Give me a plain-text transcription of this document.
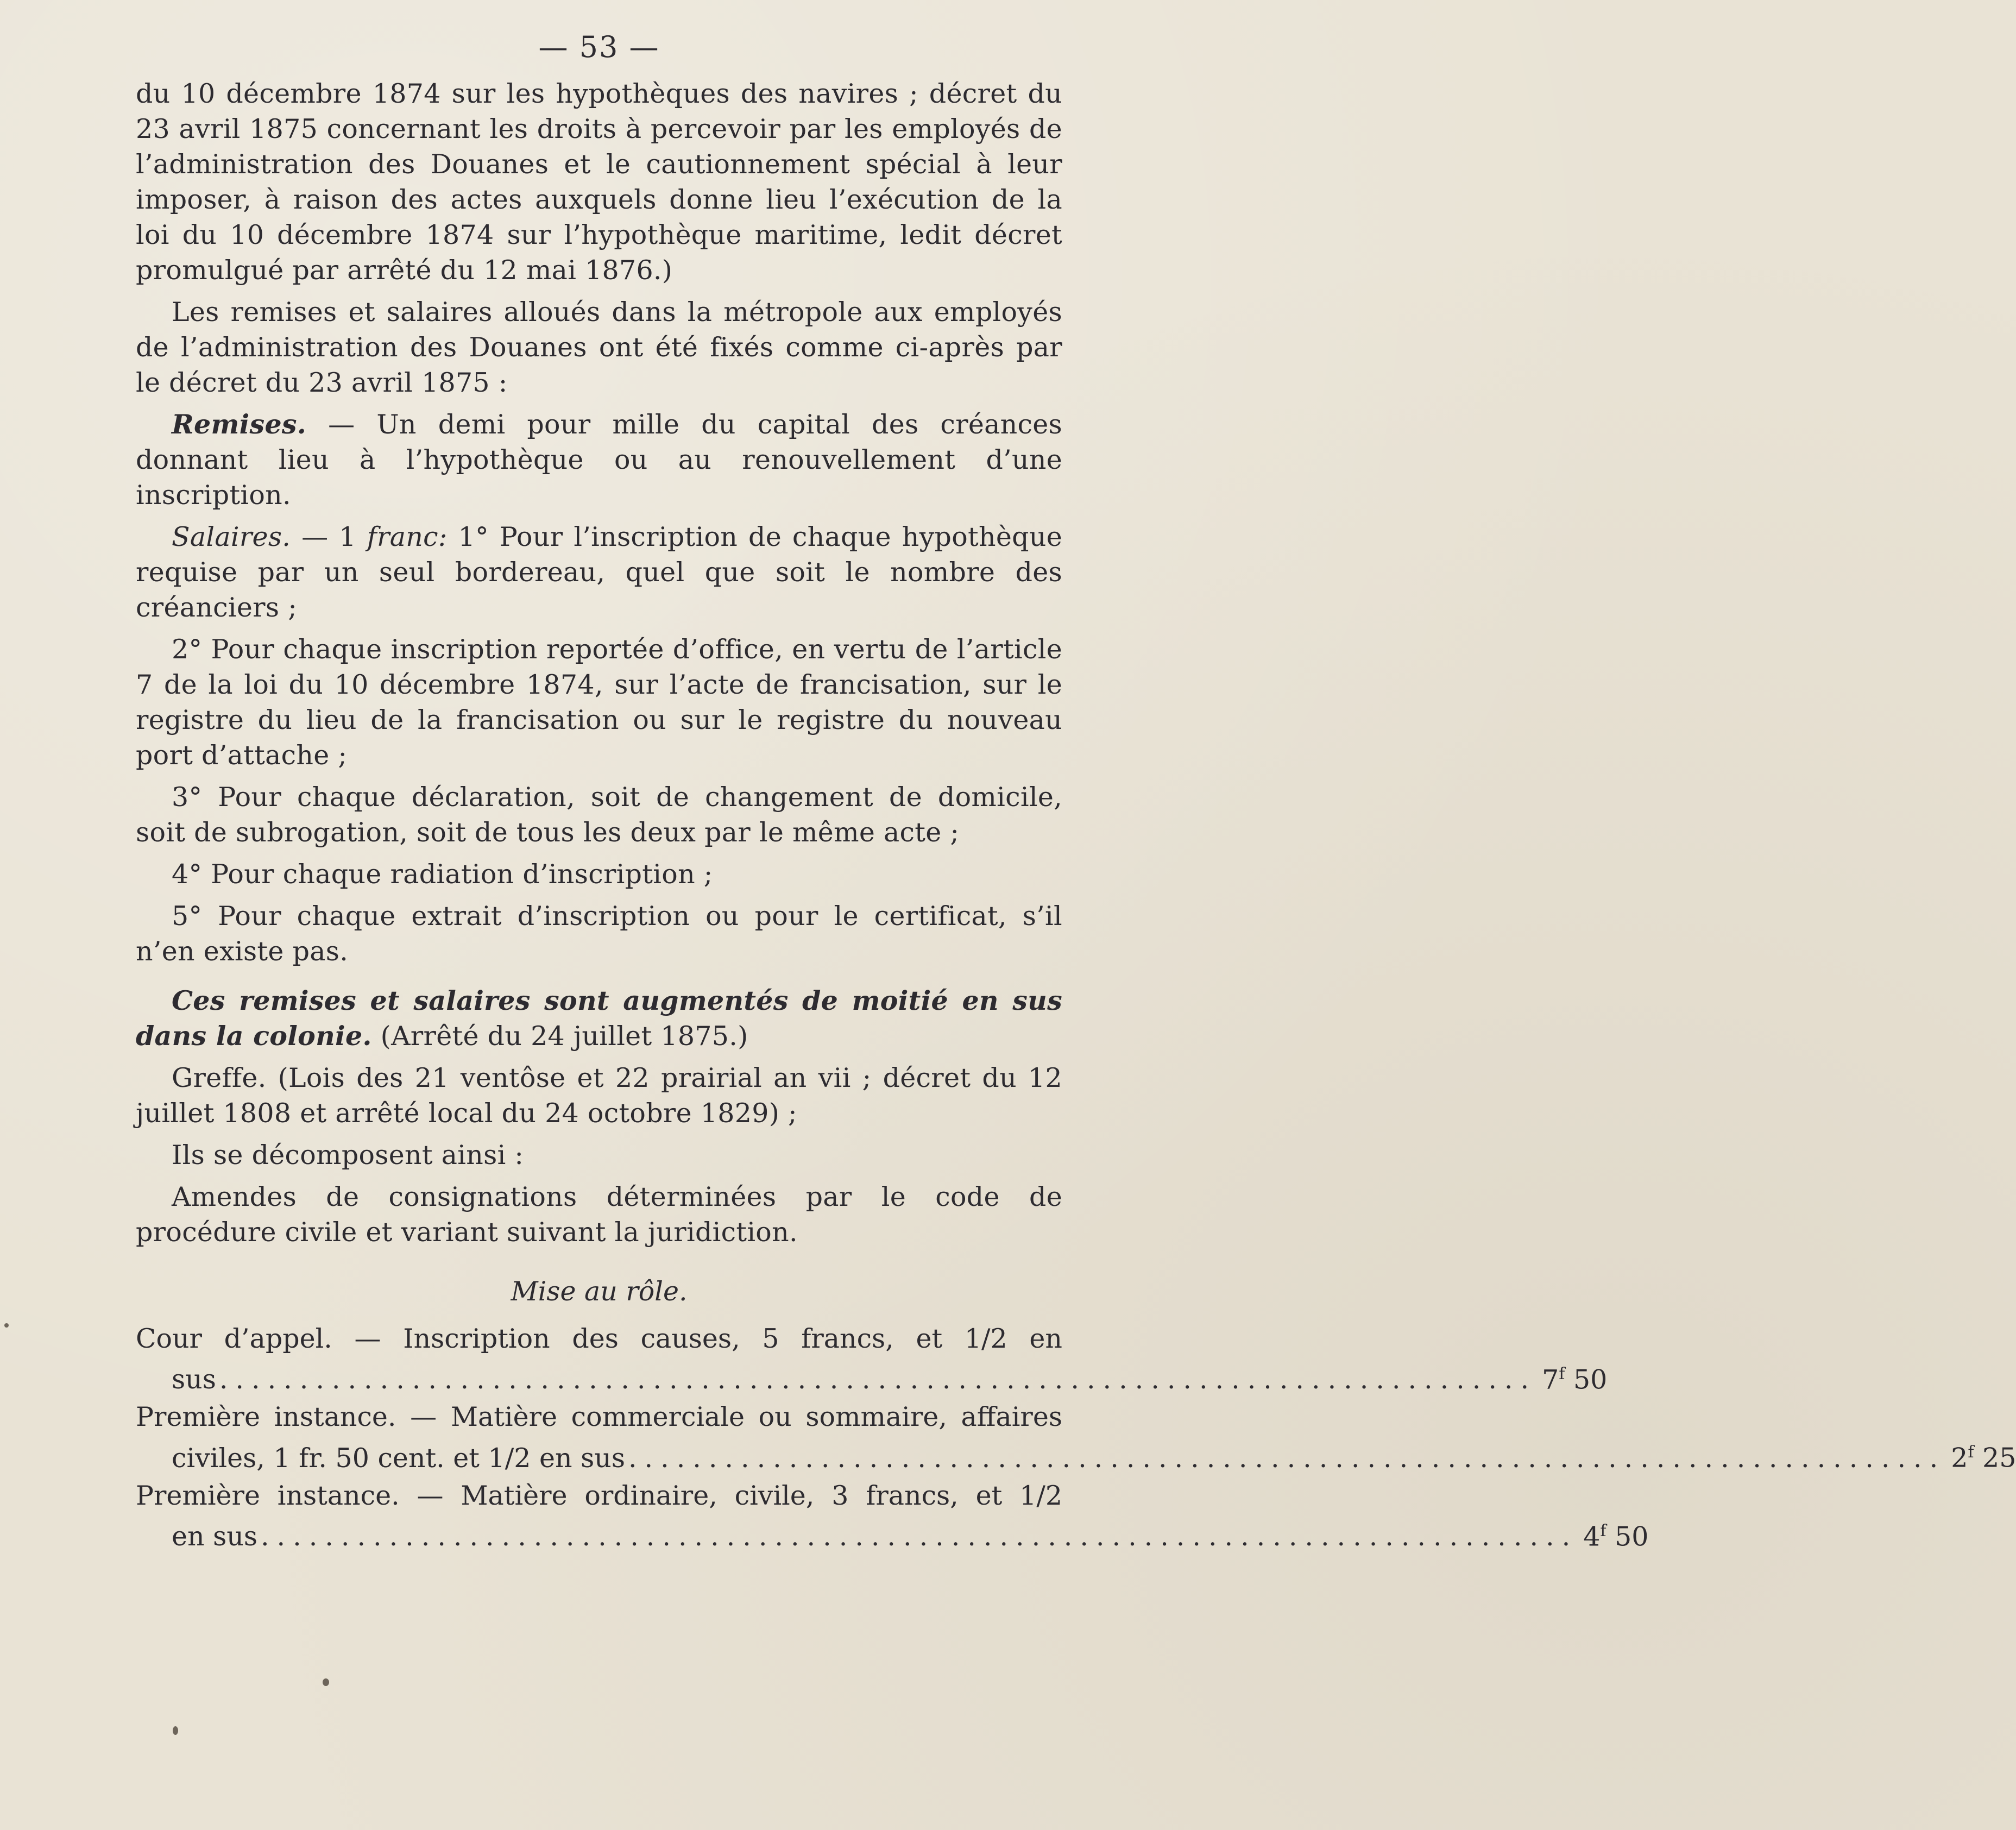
— 53 —

du 10 décembre 1874 sur les hypothèques des navires ; décret du 23 avril 1875 concernant les droits à percevoir par les employés de l’administration des Douanes et le cautionnement spécial à leur imposer, à raison des actes auxquels donne lieu l’exécution de la loi du 10 décembre 1874 sur l’hypothèque maritime, ledit décret promulgué par arrêté du 12 mai 1876.)

Les remises et salaires alloués dans la métropole aux employés de l’administration des Douanes ont été fixés comme ci-après par le décret du 23 avril 1875 :

Remises. — Un demi pour mille du capital des créances donnant lieu à l’hypothèque ou au renouvellement d’une inscription.

Salaires. — 1 franc: 1° Pour l’inscription de chaque hypothèque requise par un seul bordereau, quel que soit le nombre des créanciers ;

2° Pour chaque inscription reportée d’office, en vertu de l’article 7 de la loi du 10 décembre 1874, sur l’acte de francisation, sur le registre du lieu de la francisation ou sur le registre du nouveau port d’attache ;

3° Pour chaque déclaration, soit de changement de domicile, soit de subrogation, soit de tous les deux par le même acte ;

4° Pour chaque radiation d’inscription ;

5° Pour chaque extrait d’inscription ou pour le certificat, s’il n’en existe pas.

Ces remises et salaires sont augmentés de moitié en sus dans la colonie. (Arrêté du 24 juillet 1875.)

Greffe. (Lois des 21 ventôse et 22 prairial an vii ; décret du 12 juillet 1808 et arrêté local du 24 octobre 1829) ;

Ils se décomposent ainsi :

Amendes de consignations déterminées par le code de procédure civile et variant suivant la juridiction.

Mise au rôle.
Cour d’appel. — Inscription des causes, 5 francs, et 1/2 en
sus .................................................................................. 7$^f$ 50
Première instance. — Matière commerciale ou sommaire, affaires
civiles, 1 fr. 50 cent. et 1/2 en sus .................................................................................. 2$^f$ 25
Première instance. — Matière ordinaire, civile, 3 francs, et 1/2
en sus .................................................................................. 4$^f$ 50
